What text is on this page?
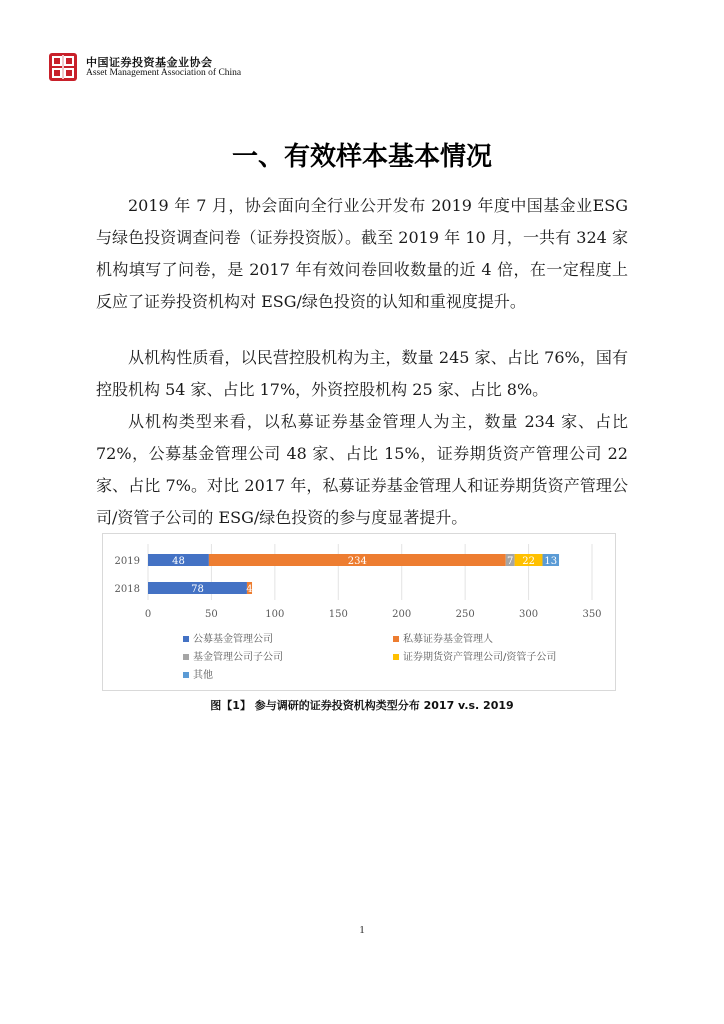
中国证券投资基金业协会
Asset Management Association of China
一、有效样本基本情况

2019 年 7 月，协会面向全行业公开发布 2019 年度中国基金业ESG与绿色投资调查问卷（证券投资版）。截至 2019 年 10 月，一共有 324 家机构填写了问卷，是 2017 年有效问卷回收数量的近 4 倍，在一定程度上反应了证券投资机构对 ESG/绿色投资的认知和重视度提升。

从机构性质看，以民营控股机构为主，数量 245 家、占比 76%，国有控股机构 54 家、占比 17%，外资控股机构 25 家、占比 8%。

从机构类型来看，以私募证券基金管理人为主，数量 234 家、占比 72%，公募基金管理公司 48 家、占比 15%，证券期货资产管理公司 22 家、占比 7%。对比 2017 年，私募证券基金管理人和证券期货资产管理公司/资管子公司的 ESG/绿色投资的参与度显著提升。

0	50	100	150	200	250	300	350
2019
2018
48	234	7 22 13
78	4
公募基金管理公司	私募证券基金管理人
基金管理公司子公司	证券期货资产管理公司/资管子公司
其他

图【1】 参与调研的证券投资机构类型分布 2017 v.s. 2019

1
